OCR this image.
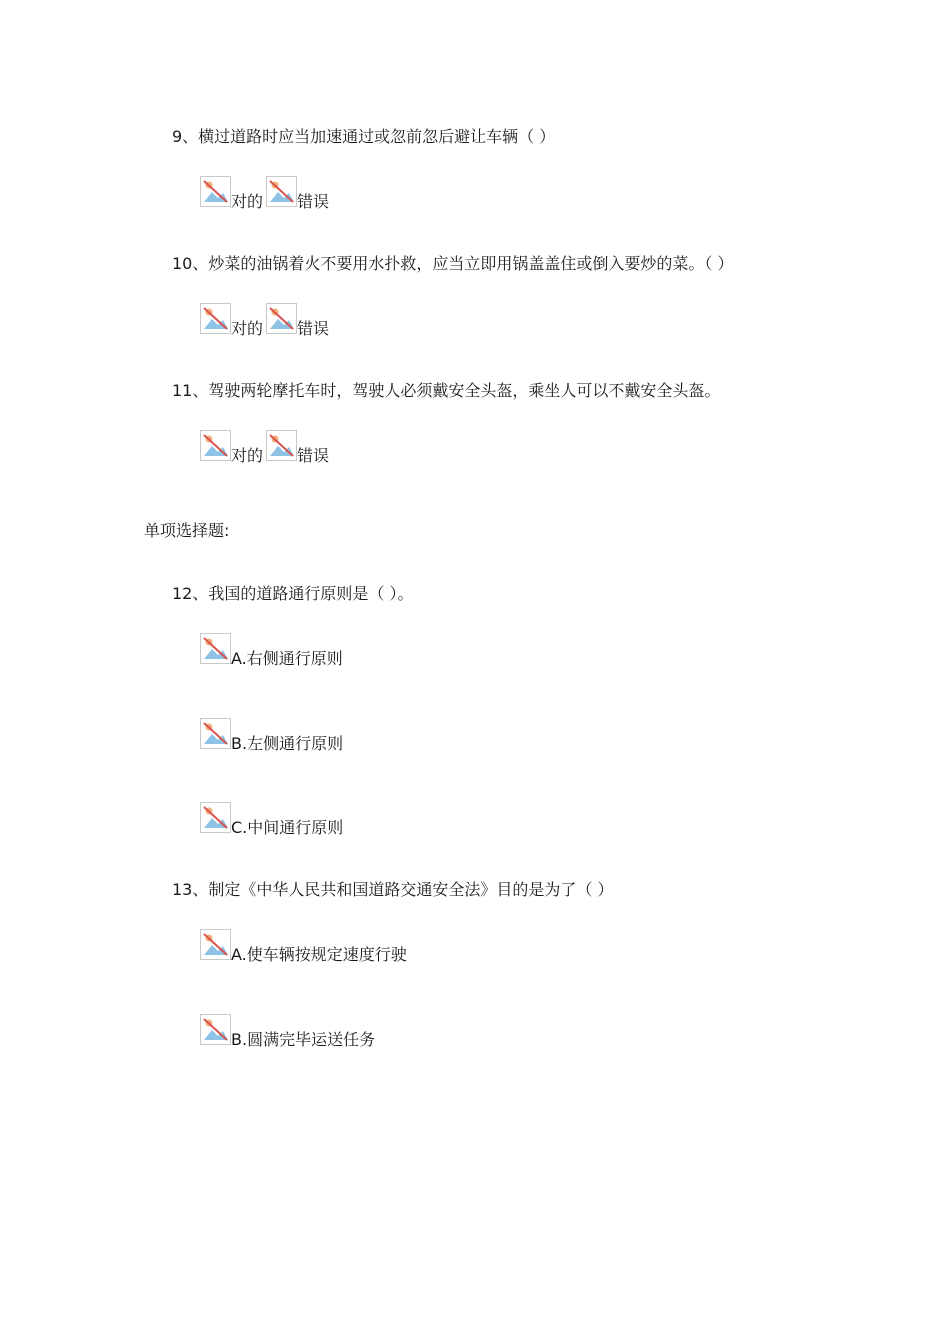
9、横过道路时应当加速通过或忽前忽后避让车辆（ ）
对的 错误
10、炒菜的油锅着火不要用水扑救，应当立即用锅盖盖住或倒入要炒的菜。（ ）
对的 错误
11、驾驶两轮摩托车时，驾驶人必须戴安全头盔，乘坐人可以不戴安全头盔。
对的 错误
单项选择题:
12、我国的道路通行原则是（ ）。
A.右侧通行原则
B.左侧通行原则
C.中间通行原则
13、制定《中华人民共和国道路交通安全法》目的是为了（ ）
A.使车辆按规定速度行驶
B.圆满完毕运送任务
